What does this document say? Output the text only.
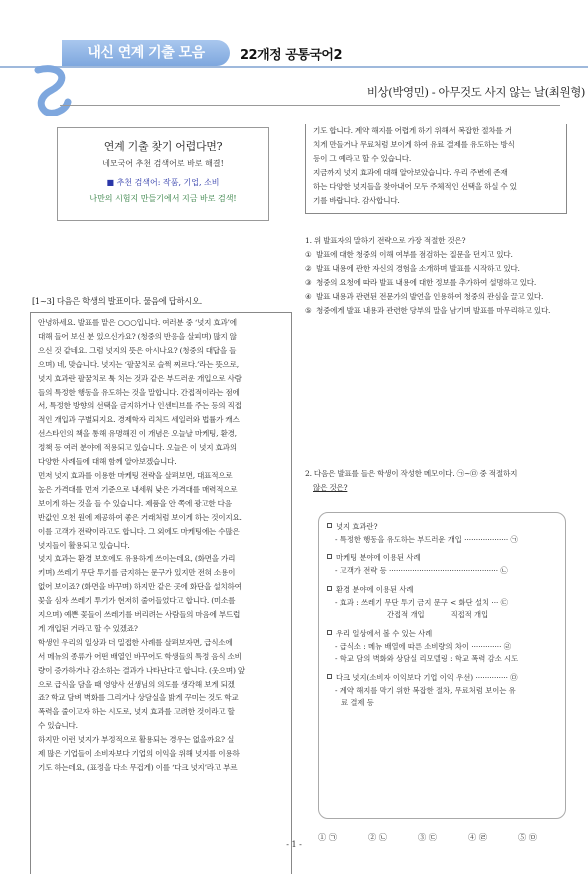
내신 연계 기출 모음	22개정 공통국어2
비상(박영민) - 아무것도 사지 않는 날(최원형)
연계 기출 찾기 어렵다면?
네모국어 추천 검색어로 바로 해결!
■ 추천 검색어: 작품, 기업, 소비
나만의 시험지 만들기에서 지금 바로 검색!
[1~3] 다음은 학생의 발표이다. 물음에 답하시오.
안녕하세요. 발표를 맡은 ○○○입니다. 여러분 중 ‘넛지 효과’에
대해 들어 보신 분 있으신가요? (청중의 반응을 살피며) 많지 않
으신 것 같네요. 그럼 넛지의 뜻은 아시나요? (청중의 대답을 들
으며) 네, 맞습니다. 넛지는 ‘팔꿈치로 슬쩍 찌르다.’라는 뜻으로,
넛지 효과란 팔꿈치로 툭 치는 것과 같은 부드러운 개입으로 사람
들의 특정한 행동을 유도하는 것을 말합니다. 간접적이라는 점에
서, 특정한 방향의 선택을 금지하거나 인센티브를 주는 등의 직접
적인 개입과 구별되지요. 경제학자 리처드 세일러와 법률가 캐스
선스타인의 책을 통해 유명해진 이 개념은 오늘날 마케팅, 환경,
정책 등 여러 분야에 적용되고 있습니다. 오늘은 이 넛지 효과의
다양한 사례들에 대해 함께 알아보겠습니다.
먼저 넛지 효과를 이용한 마케팅 전략을 살펴보면, 대표적으로
높은 가격대를 먼저 기준으로 내세워 낮은 가격대를 매력적으로
보이게 하는 것을 들 수 있습니다. 제품을 안 쪽에 광고한 다음
반값인 오천 원에 제공하여 좋은 거래처럼 보이게 하는 것이지요.
이를 고객가 전략이라고도 합니다. 그 외에도 마케팅에는 수많은
넛지들이 활용되고 있습니다.
넛지 효과는 환경 보호에도 유용하게 쓰이는데요, (화면을 가리
키며) 쓰레기 무단 투기를 금지하는 문구가 있지만 전혀 소용이
없어 보이죠? (화면을 바꾸며) 하지만 같은 곳에 화단을 설치하여
꽃을 심자 쓰레기 투기가 현저히 줄어들었다고 합니다. (미소를
지으며) 예쁜 꽃들이 쓰레기를 버리려는 사람들의 마음에 부드럽
게 개입된 거라고 할 수 있겠죠?
학생인 우리의 일상과 더 밀접한 사례를 살펴보자면, 급식소에
서 메뉴의 종류가 어떤 배열인 바꾸어도 학생들의 특정 음식 소비
량이 증가하거나 감소하는 결과가 나타난다고 합니다. (웃으며) 앞
으로 급식을 담을 때 영양사 선생님의 의도를 생각해 보게 되겠
죠? 학교 담벼 벽화를 그리거나 상담실을 밝게 꾸미는 것도 학교
폭력을 줄이고자 하는 시도로, 넛지 효과를 고려한 것이라고 할
수 있습니다.
하지만 이런 넛지가 부정적으로 활용되는 경우는 없을까요? 실
제 많은 기업들이 소비자보다 기업의 이익을 위해 넛지를 이용하
기도 하는데요, (표정을 다소 무겁게) 이를 ‘다크 넛지’라고 부르
기도 합니다. 계약 해지를 어렵게 하기 위해서 복잡한 절차를 거
치게 만들거나 무료처럼 보이게 하여 유료 결제를 유도하는 방식
등이 그 예라고 할 수 있습니다.
지금까지 넛지 효과에 대해 알아보았습니다. 우리 주변에 존재
하는 다양한 넛지들을 찾아내어 모두 주체적인 선택을 하실 수 있
기를 바랍니다. 감사합니다.
1. 위 발표자의 말하기 전략으로 가장 적절한 것은?
① 발표에 대한 청중의 이해 여부를 점검하는 질문을 던지고 있다.
② 발표 내용에 관한 자신의 경험을 소개하며 발표를 시작하고 있다.
③ 청중의 요청에 따라 발표 내용에 대한 정보를 추가하여 설명하고 있다.
④ 발표 내용과 관련된 전문가의 발언을 인용하여 청중의 관심을 끌고 있다.
⑤ 청중에게 발표 내용과 관련한 당부의 말을 남기며 발표를 마무리하고 있다.
2. 다음은 발표를 들은 학생이 작성한 메모이다. ㉠~㉤ 중 적절하지
않은 것은?
넛지 효과란?
- 특정한 행동을 유도하는 부드러운 개입 ··················· ㉠
마케팅 분야에 이용된 사례
- 고객가 전략 등 ··············································· ㉡
환경 분야에 이용된 사례
- 효과 : 쓰레기 무단 투기 금지 문구 < 화단 설치 ··· ㉢
간접적 개입	직접적 개입
우리 일상에서 볼 수 있는 사례
- 급식소 : 메뉴 배열에 따른 소비량의 차이 ············· ㉣
- 학교 담의 벽화와 상담실 리모델링 : 학교 폭력 감소 시도
다크 넛지(소비자 이익보다 기업 이익 우선) ·············· ㉤
- 계약 해지를 막기 위한 복잡한 절차, 무료처럼 보이는 유
료 결제 등
① ㉠	② ㉡	③ ㉢	④ ㉣	⑤ ㉤
- 1 -
